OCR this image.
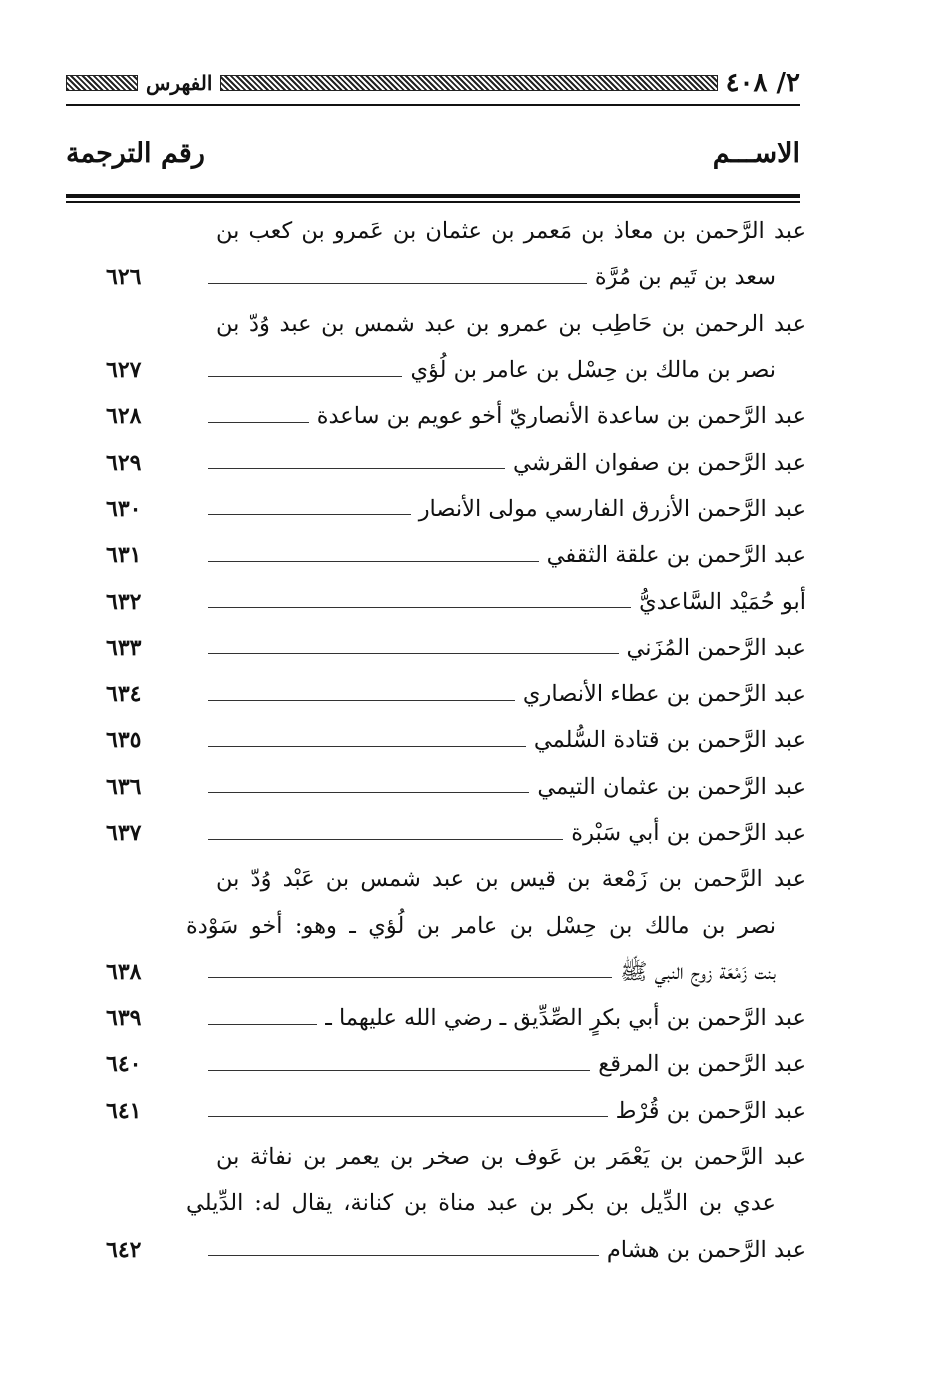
٢/ ٤٠٨
الفهرس
الاســـم
رقم الترجمة
عبد الرَّحمن بن معاذ بن مَعمر بن عثمان بن عَمرو بن كعب بن
سعد بن تَيم بن مُرَّة
٦٢٦
عبد الرحمن بن حَاطِب بن عمرو بن عبد شمس بن عبد وُدّ بن
نصر بن مالك بن حِسْل بن عامر بن لُؤي
٦٢٧
عبد الرَّحمن بن ساعدة الأنصاريّ أخو عويم بن ساعدة
٦٢٨
عبد الرَّحمن بن صفوان القرشي
٦٢٩
عبد الرَّحمن الأزرق الفارسي مولى الأنصار
٦٣٠
عبد الرَّحمن بن علقة الثقفي
٦٣١
أبو حُمَيْد السَّاعديُّ
٦٣٢
عبد الرَّحمن المُزَني
٦٣٣
عبد الرَّحمن بن عطاء الأنصاري
٦٣٤
عبد الرَّحمن بن قتادة السُّلمي
٦٣٥
عبد الرَّحمن بن عثمان التيمي
٦٣٦
عبد الرَّحمن بن أبي سَبْرة
٦٣٧
عبد الرَّحمن بن زَمْعة بن قيس بن عبد شمس بن عَبْد وُدّ بن
نصر بن مالك بن حِسْل بن عامر بن لُؤي ـ وهو: أخو سَوْدة
بنت زَمْعَة زوج النبي ﷺ
٦٣٨
عبد الرَّحمن بن أبي بكرٍ الصِّدِّيق ـ رضي الله عليهما ـ
٦٣٩
عبد الرَّحمن بن المرقع
٦٤٠
عبد الرَّحمن بن قُرْط
٦٤١
عبد الرَّحمن بن يَعْمَر بن عَوف بن صخر بن يعمر بن نفاثة بن
عدي بن الدِّيل بن بكر بن عبد مناة بن كنانة، يقال له: الدِّيلي
عبد الرَّحمن بن هشام
٦٤٢
